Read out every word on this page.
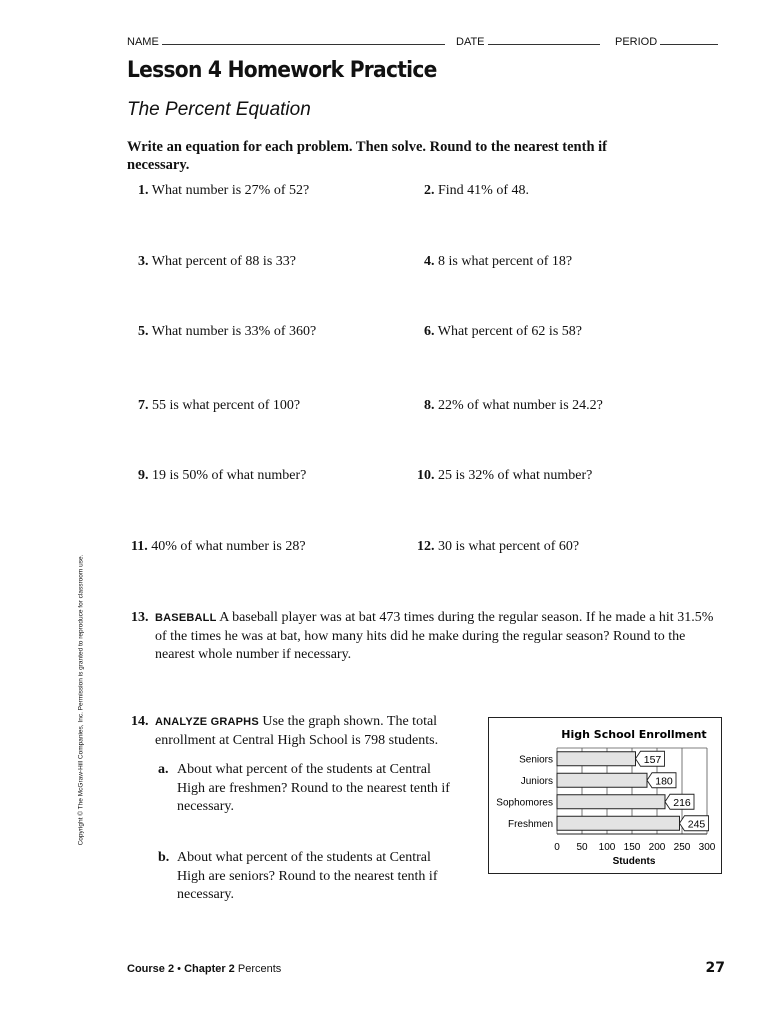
NAME	DATE	PERIOD
Lesson 4 Homework Practice
The Percent Equation
Write an equation for each problem. Then solve. Round to the nearest tenth if necessary.
1. What number is 27% of 52?	2. Find 41% of 48.
3. What percent of 88 is 33?	4. 8 is what percent of 18?
5. What number is 33% of 360?	6. What percent of 62 is 58?
7. 55 is what percent of 100?	8. 22% of what number is 24.2?
9. 19 is 50% of what number?	10. 25 is 32% of what number?
11. 40% of what number is 28?	12. 30 is what percent of 60?
13. BASEBALL A baseball player was at bat 473 times during the regular season. If he made a hit 31.5% of the times he was at bat, how many hits did he make during the regular season? Round to the nearest whole number if necessary.
14. ANALYZE GRAPHS Use the graph shown. The total enrollment at Central High School is 798 students.
a. About what percent of the students at Central High are freshmen? Round to the nearest tenth if necessary.
b. About what percent of the students at Central High are seniors? Round to the nearest tenth if necessary.
High School Enrollment
157
180
216
245
Seniors
Juniors
Sophomores
Freshmen
0 50 100 150 200 250 300
Students
Copyright © The McGraw-Hill Companies, Inc. Permission is granted to reproduce for classroom use.
Course 2 • Chapter 2 Percents	27
